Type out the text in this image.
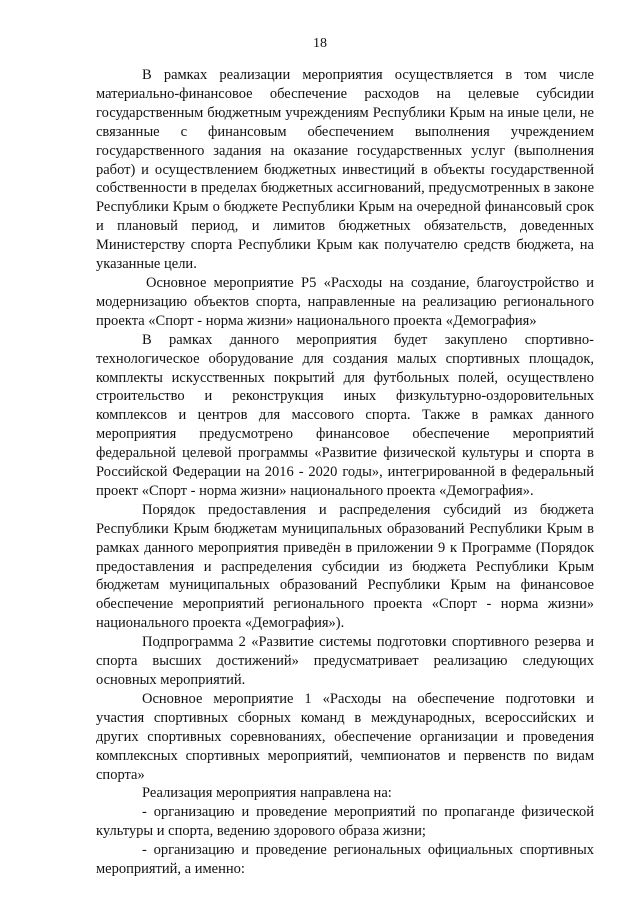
18

В рамках реализации мероприятия осуществляется в том числе материально-финансовое обеспечение расходов на целевые субсидии государственным бюджетным учреждениям Республики Крым на иные цели, не связанные с финансовым обеспечением выполнения учреждением государственного задания на оказание государственных услуг (выполнения работ) и осуществлением бюджетных инвестиций в объекты государственной собственности в пределах бюджетных ассигнований, предусмотренных в законе Республики Крым о бюджете Республики Крым на очередной финансовый срок и плановый период, и лимитов бюджетных обязательств, доведенных Министерству спорта Республики Крым как получателю средств бюджета, на указанные цели.

Основное мероприятие Р5 «Расходы на создание, благоустройство и модернизацию объектов спорта, направленные на реализацию регионального проекта «Спорт - норма жизни» национального проекта «Демография»

В рамках данного мероприятия будет закуплено спортивно-технологическое оборудование для создания малых спортивных площадок, комплекты искусственных покрытий для футбольных полей, осуществлено строительство и реконструкция иных физкультурно-оздоровительных комплексов и центров для массового спорта. Также в рамках данного мероприятия предусмотрено финансовое обеспечение мероприятий федеральной целевой программы «Развитие физической культуры и спорта в Российской Федерации на 2016 - 2020 годы», интегрированной в федеральный проект «Спорт - норма жизни» национального проекта «Демография».

Порядок предоставления и распределения субсидий из бюджета Республики Крым бюджетам муниципальных образований Республики Крым в рамках данного мероприятия приведён в приложении 9 к Программе (Порядок предоставления и распределения субсидии из бюджета Республики Крым бюджетам муниципальных образований Республики Крым на финансовое обеспечение мероприятий регионального проекта «Спорт - норма жизни» национального проекта «Демография»).

Подпрограмма 2 «Развитие системы подготовки спортивного резерва и спорта высших достижений» предусматривает реализацию следующих основных мероприятий.

Основное мероприятие 1 «Расходы на обеспечение подготовки и участия спортивных сборных команд в международных, всероссийских и других спортивных соревнованиях, обеспечение организации и проведения комплексных спортивных мероприятий, чемпионатов и первенств по видам спорта»

Реализация мероприятия направлена на:

- организацию и проведение мероприятий по пропаганде физической культуры и спорта, ведению здорового образа жизни;

- организацию и проведение региональных официальных спортивных мероприятий, а именно:
